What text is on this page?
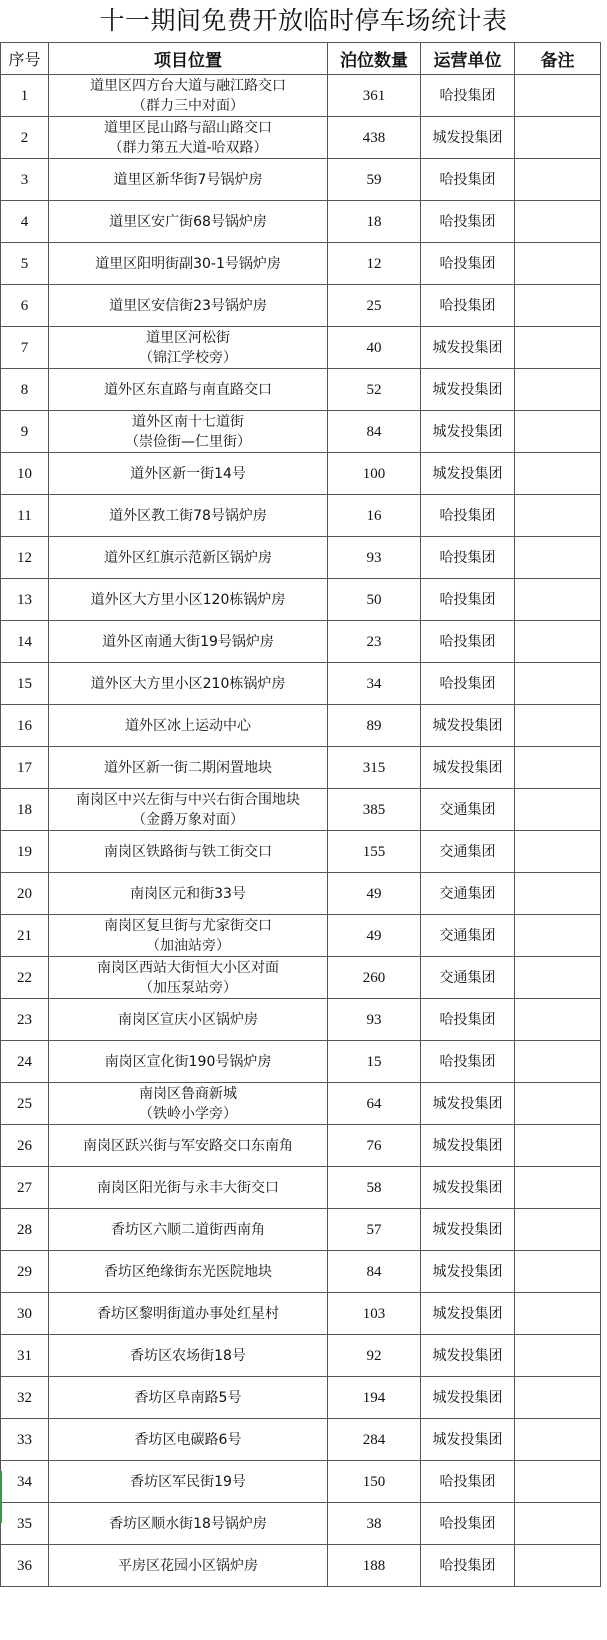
十一期间免费开放临时停车场统计表
序号	项目位置	泊位数量	运营单位	备注
1	道里区四方台大道与融江路交口
（群力三中对面）	361	哈投集团	
2	道里区昆山路与韶山路交口
（群力第五大道-哈双路）	438	城发投集团	
3	道里区新华街7号锅炉房	59	哈投集团	
4	道里区安广街68号锅炉房	18	哈投集团	
5	道里区阳明街副30-1号锅炉房	12	哈投集团	
6	道里区安信街23号锅炉房	25	哈投集团	
7	道里区河松街
（锦江学校旁）	40	城发投集团	
8	道外区东直路与南直路交口	52	城发投集团	
9	道外区南十七道街
（崇俭街—仁里街）	84	城发投集团	
10	道外区新一街14号	100	城发投集团	
11	道外区教工街78号锅炉房	16	哈投集团	
12	道外区红旗示范新区锅炉房	93	哈投集团	
13	道外区大方里小区120栋锅炉房	50	哈投集团	
14	道外区南通大街19号锅炉房	23	哈投集团	
15	道外区大方里小区210栋锅炉房	34	哈投集团	
16	道外区冰上运动中心	89	城发投集团	
17	道外区新一街二期闲置地块	315	城发投集团	
18	南岗区中兴左街与中兴右街合围地块
（金爵万象对面）	385	交通集团	
19	南岗区铁路街与铁工街交口	155	交通集团	
20	南岗区元和街33号	49	交通集团	
21	南岗区复旦街与尤家街交口
（加油站旁）	49	交通集团	
22	南岗区西站大街恒大小区对面
（加压泵站旁）	260	交通集团	
23	南岗区宣庆小区锅炉房	93	哈投集团	
24	南岗区宣化街190号锅炉房	15	哈投集团	
25	南岗区鲁商新城
（铁岭小学旁）	64	城发投集团	
26	南岗区跃兴街与军安路交口东南角	76	城发投集团	
27	南岗区阳光街与永丰大街交口	58	城发投集团	
28	香坊区六顺二道街西南角	57	城发投集团	
29	香坊区绝缘街东光医院地块	84	城发投集团	
30	香坊区黎明街道办事处红星村	103	城发投集团	
31	香坊区农场街18号	92	城发投集团	
32	香坊区阜南路5号	194	城发投集团	
33	香坊区电碳路6号	284	城发投集团	
34	香坊区军民街19号	150	哈投集团	
35	香坊区顺水街18号锅炉房	38	哈投集团	
36	平房区花园小区锅炉房	188	哈投集团	
